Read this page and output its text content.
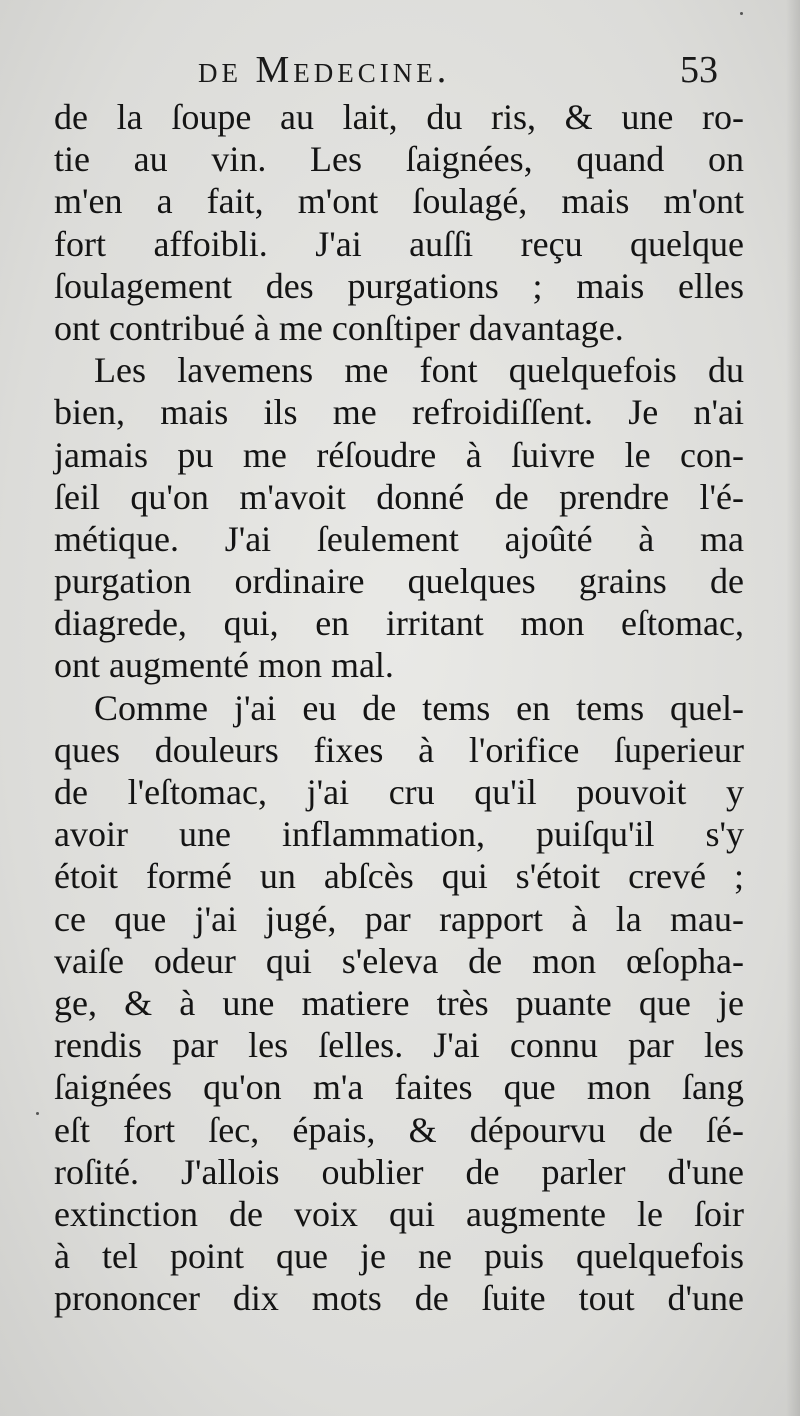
de Medecine.	53
de la ſoupe au lait, du ris, & une ro-
tie au vin. Les ſaignées, quand on
m'en a fait, m'ont ſoulagé, mais m'ont
fort affoibli. J'ai auſſi reçu quelque
ſoulagement des purgations ; mais elles
ont contribué à me conſtiper davantage.
Les lavemens me font quelquefois du
bien, mais ils me refroidiſſent. Je n'ai
jamais pu me réſoudre à ſuivre le con-
ſeil qu'on m'avoit donné de prendre l'é-
métique. J'ai ſeulement ajoûté à ma
purgation ordinaire quelques grains de
diagrede, qui, en irritant mon eſtomac,
ont augmenté mon mal.
Comme j'ai eu de tems en tems quel-
ques douleurs fixes à l'orifice ſuperieur
de l'eſtomac, j'ai cru qu'il pouvoit y
avoir une inflammation, puiſqu'il s'y
étoit formé un abſcès qui s'étoit crevé ;
ce que j'ai jugé, par rapport à la mau-
vaiſe odeur qui s'eleva de mon œſopha-
ge, & à une matiere très puante que je
rendis par les ſelles. J'ai connu par les
ſaignées qu'on m'a faites que mon ſang
eſt fort ſec, épais, & dépourvu de ſé-
roſité. J'allois oublier de parler d'une
extinction de voix qui augmente le ſoir
à tel point que je ne puis quelquefois
prononcer dix mots de ſuite tout d'une
